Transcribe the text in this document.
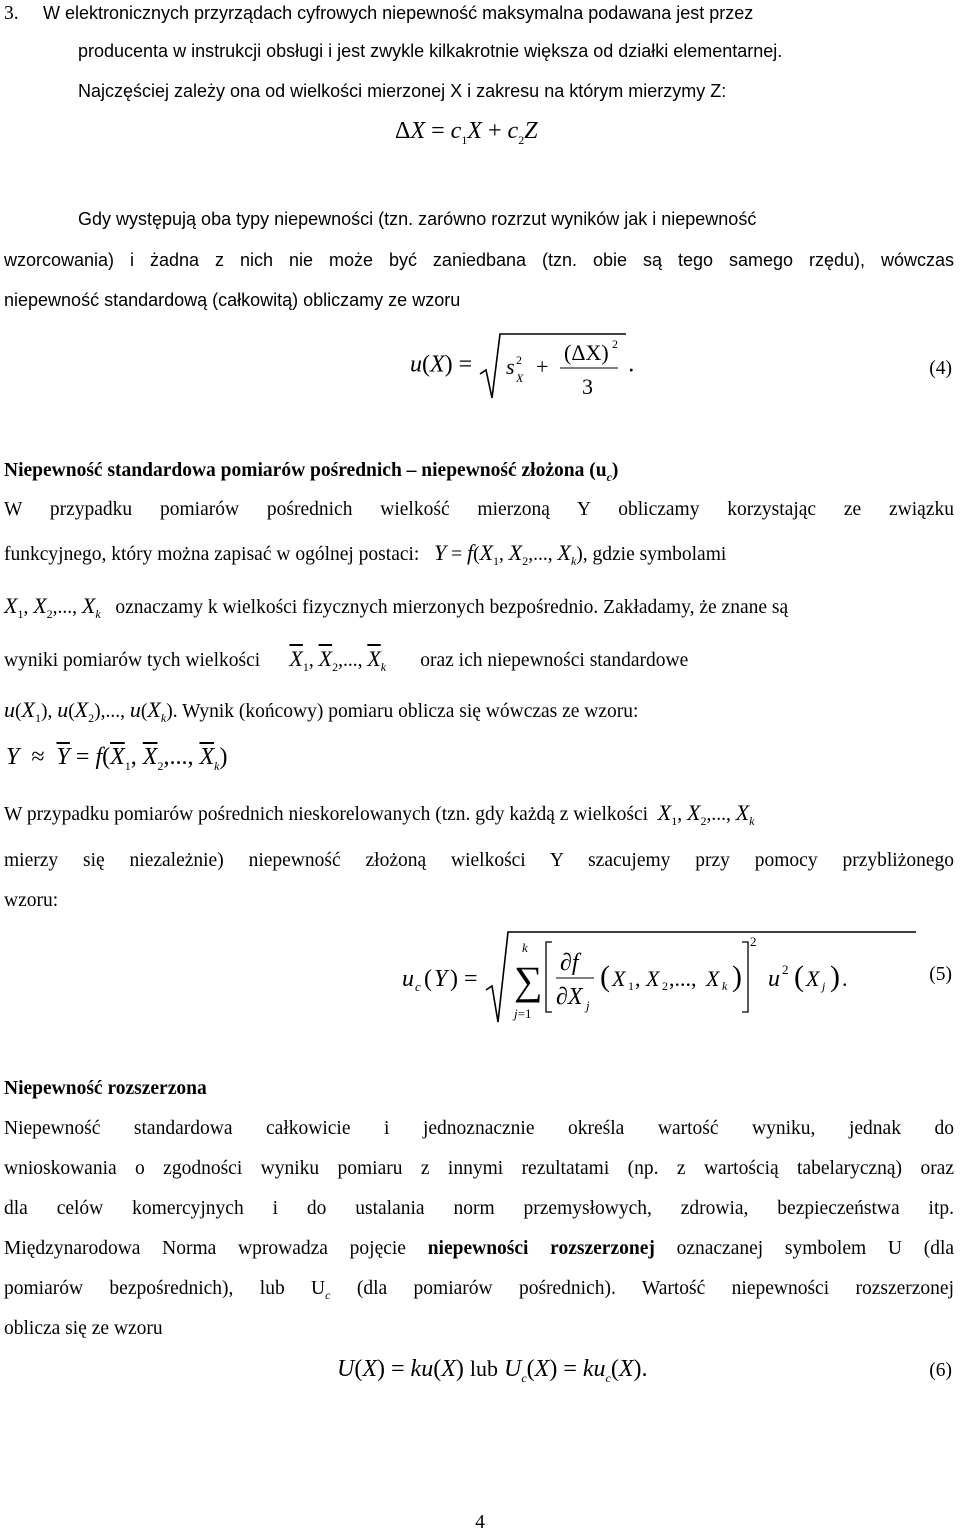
3. W elektronicznych przyrządach cyfrowych niepewność maksymalna podawana jest przez
producenta w instrukcji obsługi i jest zwykle kilkakrotnie większa od działki elementarnej.
Najczęściej zależy ona od wielkości mierzonej X i zakresu na którym mierzymy Z:
$\Delta X = c_1X + c_2Z$
Gdy występują oba typy niepewności (tzn. zarówno rozrzut wyników jak i niepewność
wzorcowania) i żadna z nich nie może być zaniedbana (tzn. obie są tego samego rzędu), wówczas
niepewność standardową (całkowitą) obliczamy ze wzoru
u(X) = s 2
X +
(ΔX) 2
3
.	(4)
Niepewność standardowa pomiarów pośrednich – niepewność złożona $(u_c)$
W przypadku pomiarów pośrednich wielkość mierzoną Y obliczamy korzystając ze związku
funkcyjnego, który można zapisać w ogólnej postaci: $Y = f(X_1$, $X_2$,..., $X_k$), gdzie symbolami
$X_1$, $X_2$,..., $X_k$ oznaczamy k wielkości fizycznych mierzonych bezpośrednio. Zakładamy, że znane są
wyniki pomiarów tych wielkości $\overline{X}_1$, $\overline{X}_2$,..., $\overline{X}_k$ oraz ich niepewności standardowe
$u(X_1)$, $u(X_2)$,..., $u(X_k)$. Wynik (końcowy) pomiaru oblicza się wówczas ze wzoru:
$Y \approx \overline{Y} = f(\overline{X}_1$, $\overline{X}_2$,..., $\overline{X}_k$)
W przypadku pomiarów pośrednich nieskorelowanych (tzn. gdy każdą z wielkości $X_1$, $X_2$,..., $X_k$
mierzy się niezależnie) niepewność złożoną wielkości Y szacujemy przy pomocy przybliżonego
wzoru:
u c ( Y ) =
k
∑
j=1
∂f
∂X j
( X 1 , X 2 ,..., X k )
2
u 2 ( X j ) .	(5)
Niepewność rozszerzona
Niepewność standardowa całkowicie i jednoznacznie określa wartość wyniku, jednak do
wnioskowania o zgodności wyniku pomiaru z innymi rezultatami (np. z wartością tabelaryczną) oraz
dla celów komercyjnych i do ustalania norm przemysłowych, zdrowia, bezpieczeństwa itp.
Międzynarodowa Norma wprowadza pojęcie niepewności rozszerzonej oznaczanej symbolem U (dla
pomiarów bezpośrednich), lub $U_c$ (dla pomiarów pośrednich). Wartość niepewności rozszerzonej
oblicza się ze wzoru
U(X) = ku(X) lub $U_c(X) = ku_c(X)$.	(6)
4
